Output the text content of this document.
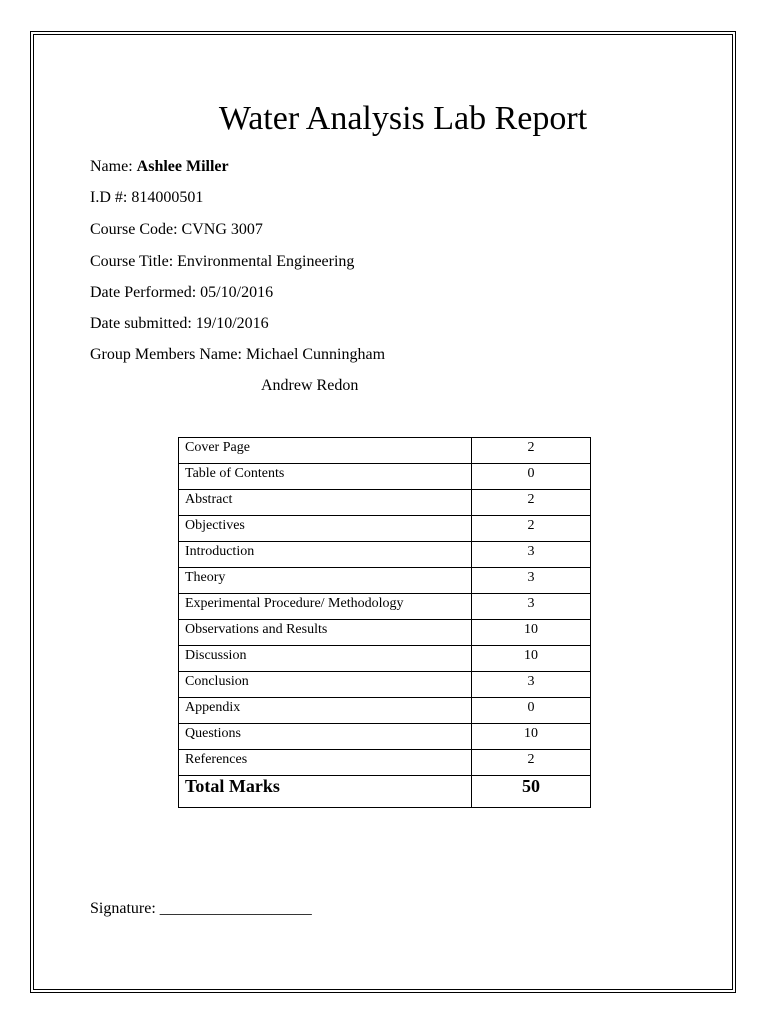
Water Analysis Lab Report
Name: Ashlee Miller
I.D #: 814000501
Course Code: CVNG 3007
Course Title: Environmental Engineering
Date Performed: 05/10/2016
Date submitted: 19/10/2016
Group Members Name: Michael Cunningham
Andrew Redon
Cover Page	2
Table of Contents	0
Abstract	2
Objectives	2
Introduction	3
Theory	3
Experimental Procedure/ Methodology	3
Observations and Results	10
Discussion	10
Conclusion	3
Appendix	0
Questions	10
References	2
Total Marks	50
Signature: ___________________
